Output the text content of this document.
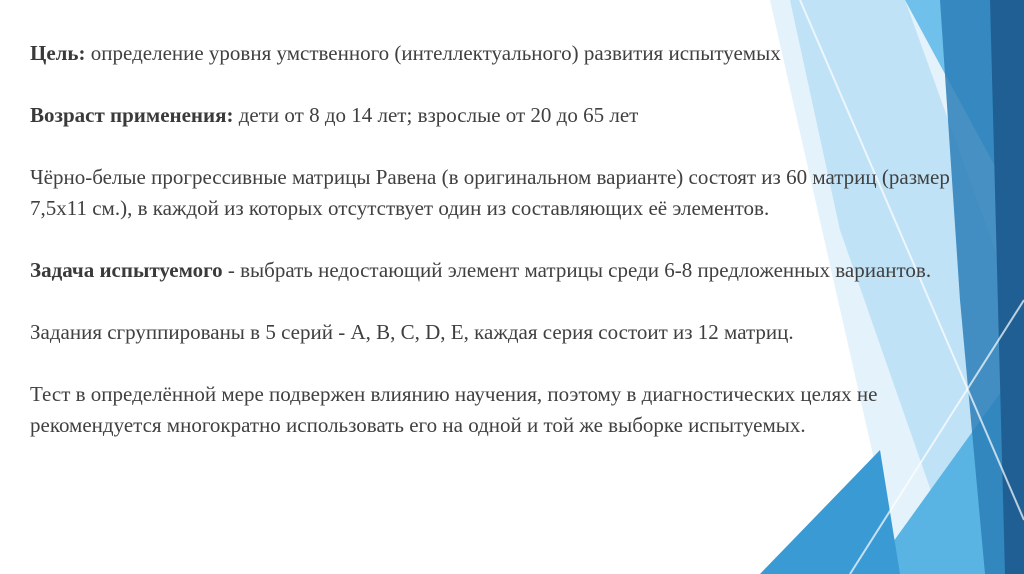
Цель: определение уровня умственного (интеллектуального) развития испытуемых

Возраст применения: дети от 8 до 14 лет; взрослые от 20 до 65 лет

Чёрно-белые прогрессивные матрицы Равена (в оригинальном варианте) состоят из 60 матриц (размер 7,5х11 см.), в каждой из которых отсутствует один из составляющих её элементов.

Задача испытуемого - выбрать недостающий элемент матрицы среди 6-8 предложенных вариантов.

Задания сгруппированы в 5 серий - A, B, C, D, E, каждая серия состоит из 12 матриц.

Тест в определённой мере подвержен влиянию научения, поэтому в диагностических целях не рекомендуется многократно использовать его на одной и той же выборке испытуемых.
